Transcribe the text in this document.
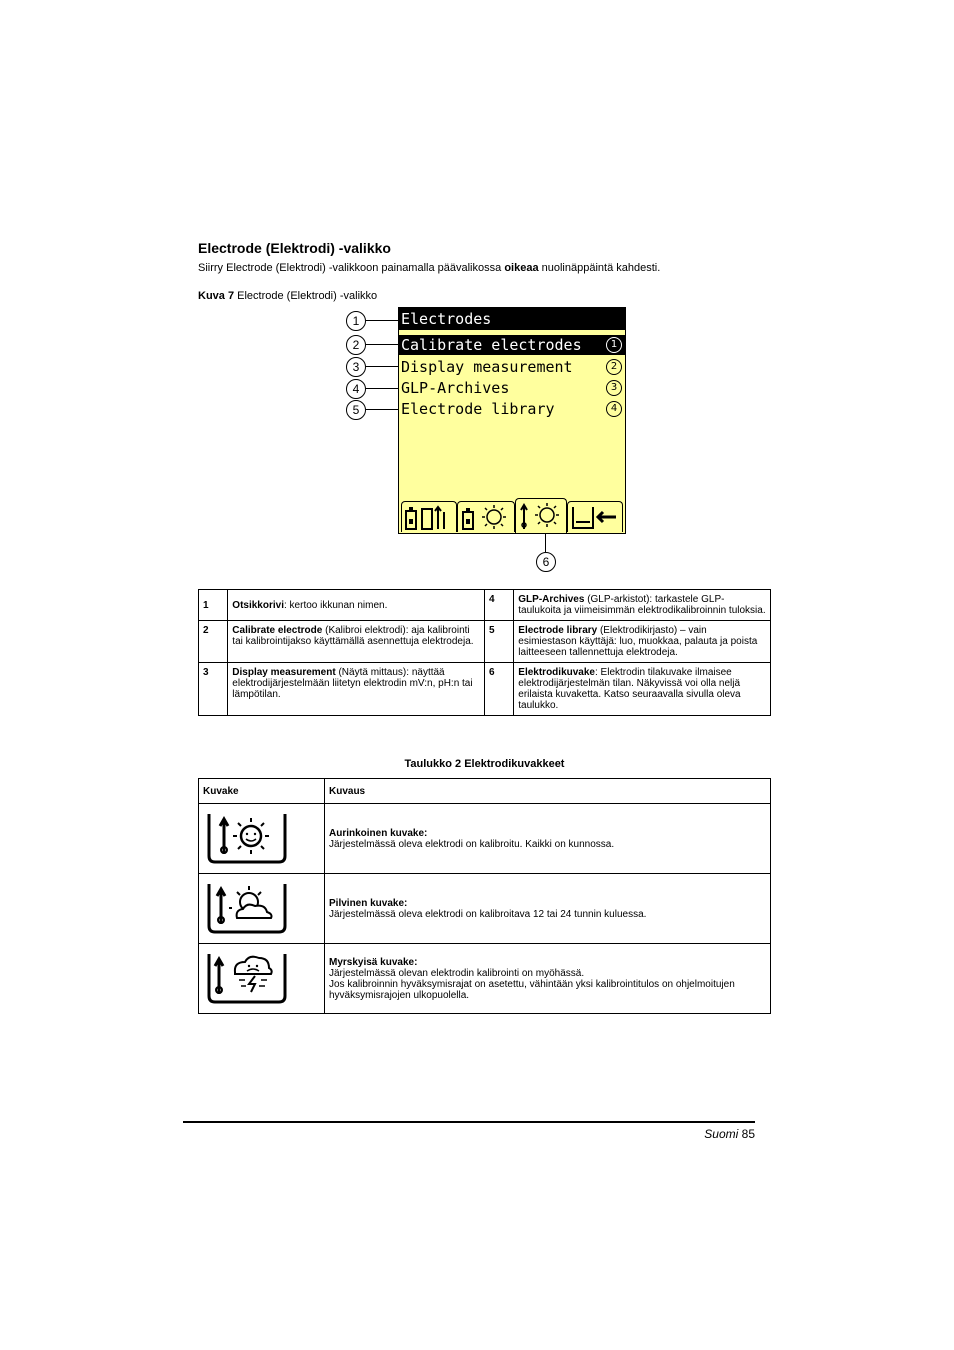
Electrode (Elektrodi) -valikko
Siirry Electrode (Elektrodi) -valikkoon painamalla päävalikossa oikeaa nuolinäppäintä kahdesti.
Kuva 7 Electrode (Elektrodi) -valikko
1
2
3
4
5
6
Electrodes
Calibrate electrodes	1
Display measurement	2
GLP-Archives	3
Electrode library	4
1	Otsikkorivi: kertoo ikkunan nimen.	4	GLP-Archives (GLP-arkistot): tarkastele GLP-taulukoita ja viimeisimmän elektrodikalibroinnin tuloksia.
2	Calibrate electrode (Kalibroi elektrodi): aja kalibrointi tai kalibrointijakso käyttämällä asennettuja elektrodeja.	5	Electrode library (Elektrodikirjasto) – vain esimiestason käyttäjä: luo, muokkaa, palauta ja poista laitteeseen tallennettuja elektrodeja.
3	Display measurement (Näytä mittaus): näyttää elektrodijärjestelmään liitetyn elektrodin mV:n, pH:n tai lämpötilan.	6	Elektrodikuvake: Elektrodin tilakuvake ilmaisee elektrodijärjestelmän tilan. Näkyvissä voi olla neljä erilaista kuvaketta. Katso seuraavalla sivulla oleva taulukko.
Taulukko 2 Elektrodikuvakkeet
Kuvake	Kuvaus

Aurinkoinen kuvake:
Järjestelmässä oleva elektrodi on kalibroitu. Kaikki on kunnossa.

Pilvinen kuvake:
Järjestelmässä oleva elektrodi on kalibroitava 12 tai 24 tunnin kuluessa.

Myrskyisä kuvake:
Järjestelmässä olevan elektrodin kalibrointi on myöhässä.
Jos kalibroinnin hyväksymisrajat on asetettu, vähintään yksi kalibrointitulos on ohjelmoitujen hyväksymisrajojen ulkopuolella.
Suomi 85
